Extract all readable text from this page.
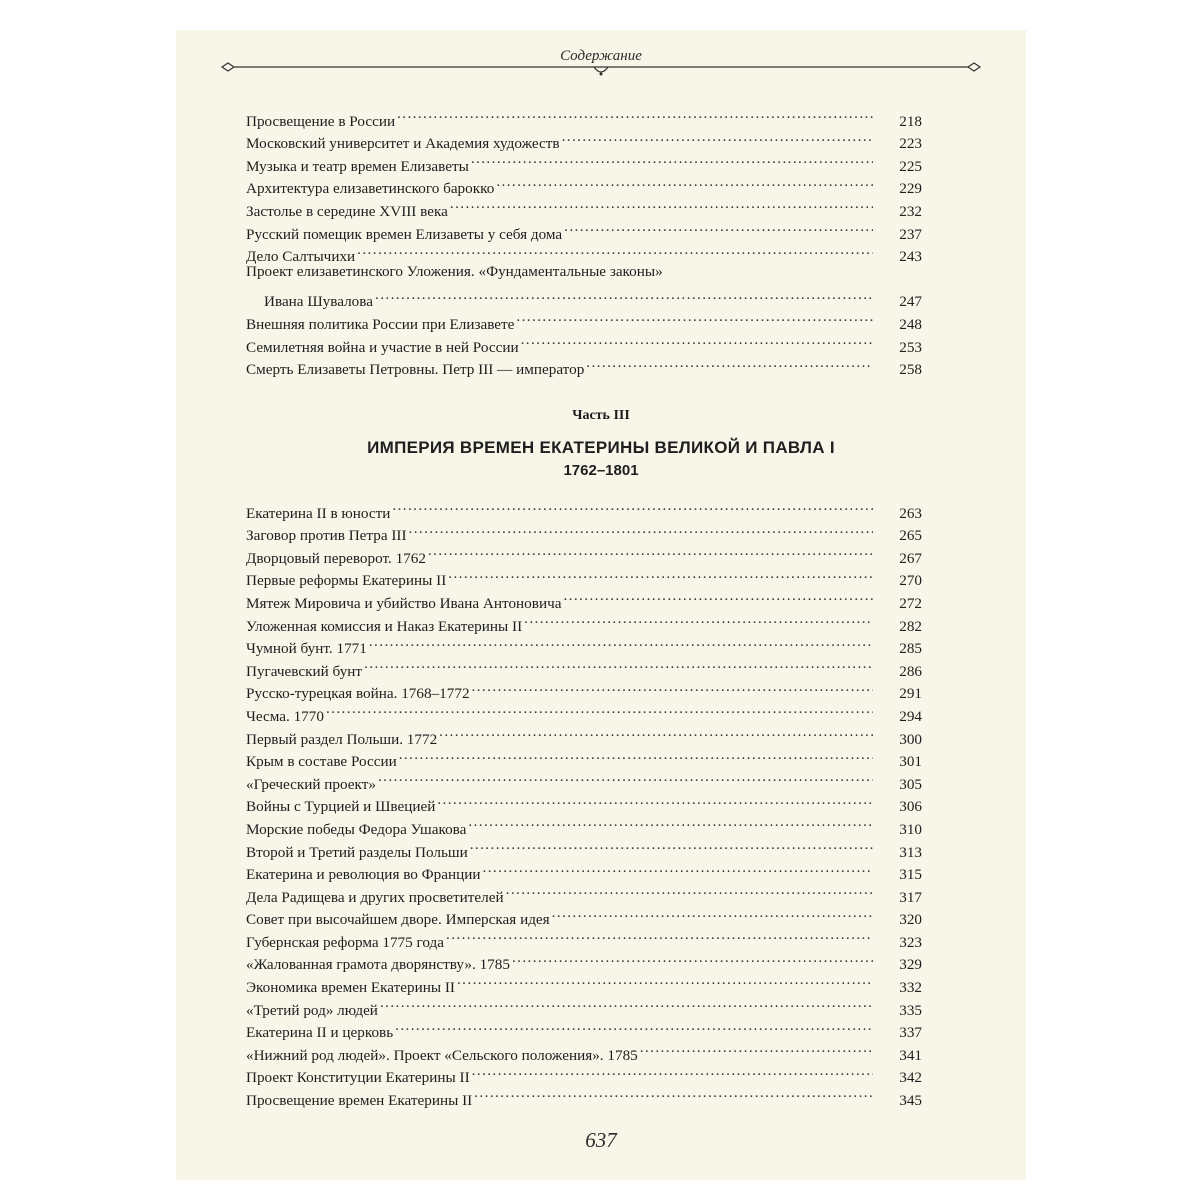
Содержание
Просвещение в России . . .	218
Московский университет и Академия художеств . . .	223
Музыка и театр времен Елизаветы . . .	225
Архитектура елизаветинского барокко . . .	229
Застолье в середине XVIII века . . .	232
Русский помещик времен Елизаветы у себя дома . . .	237
Дело Салтычихи . . .	243
Проект елизаветинского Уложения. «Фундаментальные законы»
Ивана Шувалова . . .	247
Внешняя политика России при Елизавете . . .	248
Семилетняя война и участие в ней России . . .	253
Смерть Елизаветы Петровны. Петр III — император . . .	258
Часть III
ИМПЕРИЯ ВРЕМЕН ЕКАТЕРИНЫ ВЕЛИКОЙ И ПАВЛА I
1762–1801
Екатерина II в юности . . .	263
Заговор против Петра III . . .	265
Дворцовый переворот. 1762 . . .	267
Первые реформы Екатерины II . . .	270
Мятеж Мировича и убийство Ивана Антоновича . . .	272
Уложенная комиссия и Наказ Екатерины II . . .	282
Чумной бунт. 1771 . . .	285
Пугачевский бунт . . .	286
Русско-турецкая война. 1768–1772 . . .	291
Чесма. 1770 . . .	294
Первый раздел Польши. 1772 . . .	300
Крым в составе России . . .	301
«Греческий проект» . . .	305
Войны с Турцией и Швецией . . .	306
Морские победы Федора Ушакова . . .	310
Второй и Третий разделы Польши . . .	313
Екатерина и революция во Франции . . .	315
Дела Радищева и других просветителей . . .	317
Совет при высочайшем дворе. Имперская идея . . .	320
Губернская реформа 1775 года . . .	323
«Жалованная грамота дворянству». 1785 . . .	329
Экономика времен Екатерины II . . .	332
«Третий род» людей . . .	335
Екатерина II и церковь . . .	337
«Нижний род людей». Проект «Сельского положения». 1785 . . .	341
Проект Конституции Екатерины II . . .	342
Просвещение времен Екатерины II . . .	345
637
